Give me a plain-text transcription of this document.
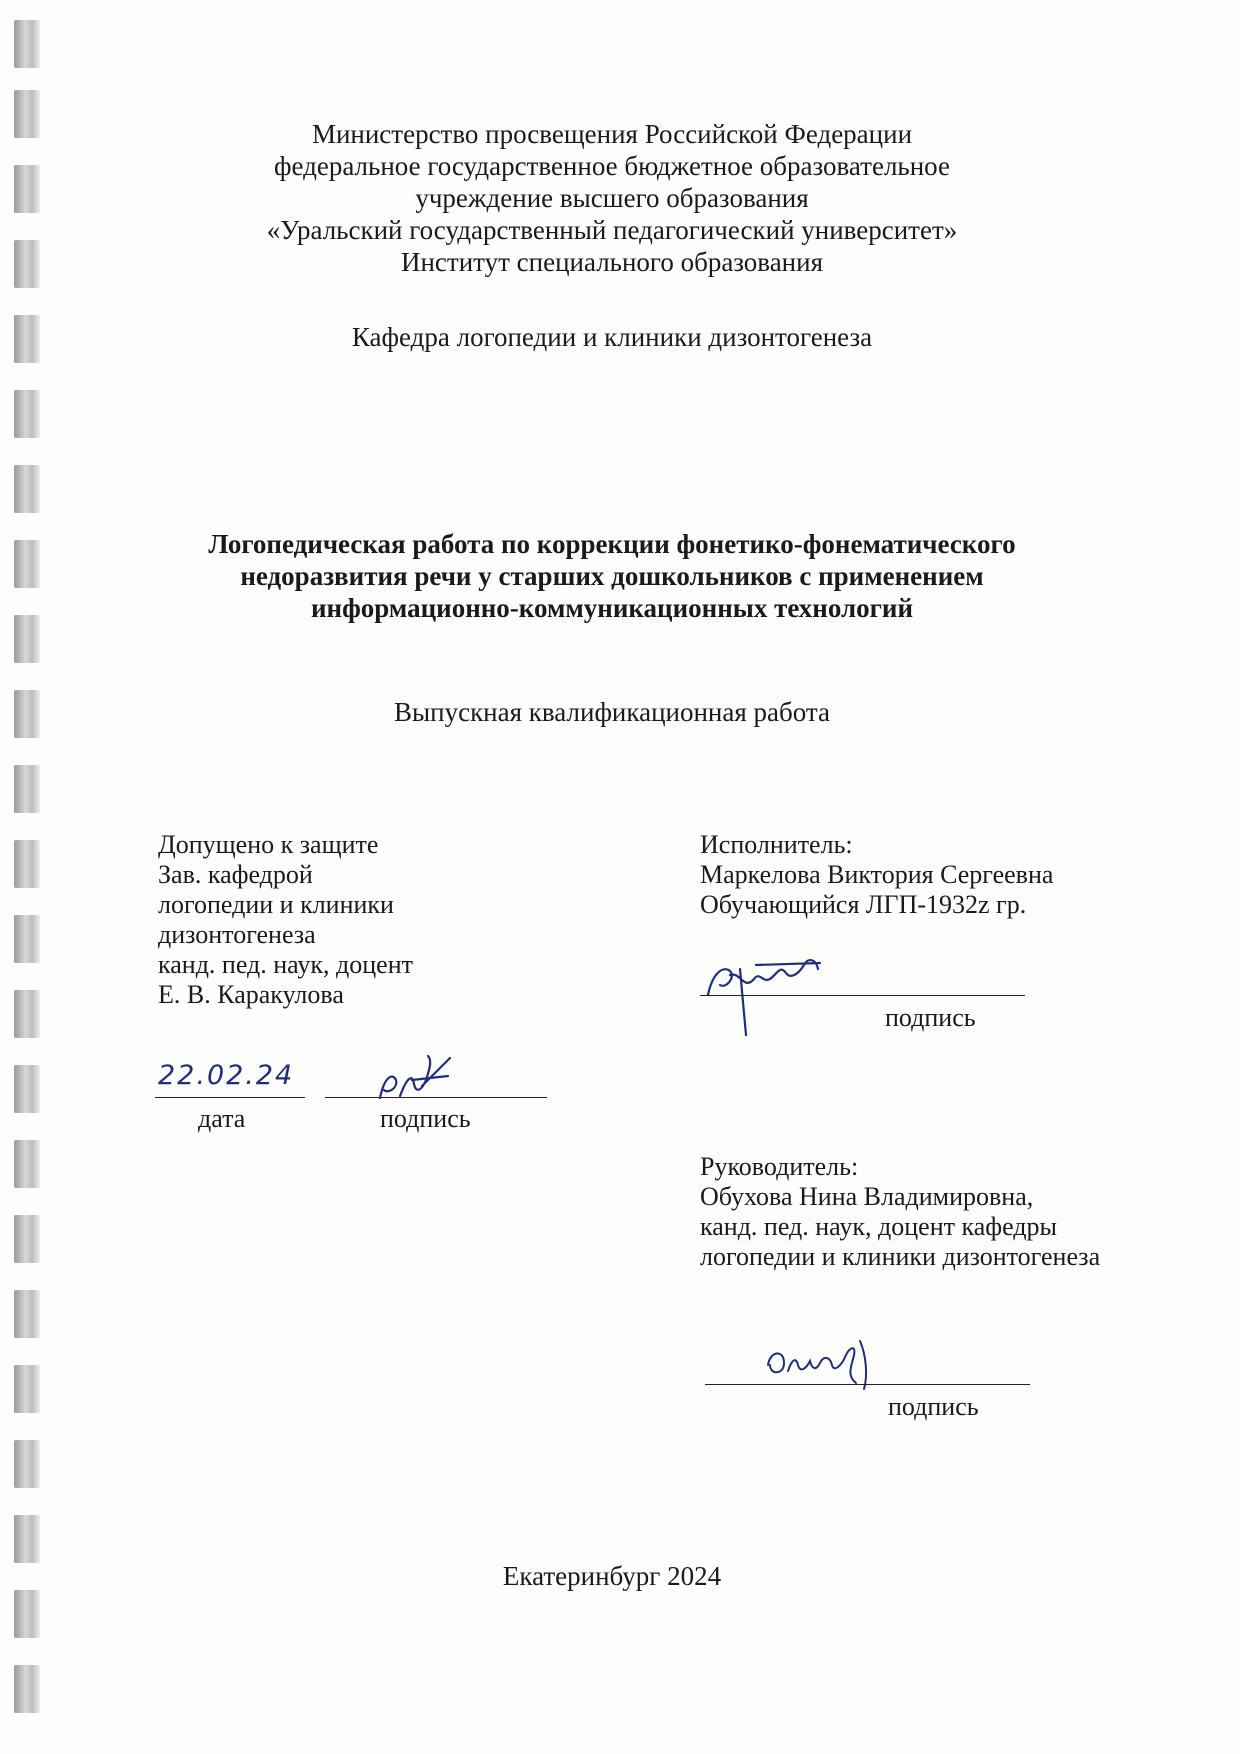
Министерство просвещения Российской Федерации
федеральное государственное бюджетное образовательное
учреждение высшего образования
«Уральский государственный педагогический университет»
Институт специального образования
Кафедра логопедии и клиники дизонтогенеза
Логопедическая работа по коррекции фонетико-фонематического
недоразвития речи у старших дошкольников с применением
информационно-коммуникационных технологий
Выпускная квалификационная работа
Допущено к защите
Зав. кафедрой
логопедии и клиники
дизонтогенеза
канд. пед. наук, доцент
Е. В. Каракулова
22.02.24
дата	подпись
Исполнитель:
Маркелова Виктория Сергеевна
Обучающийся ЛГП-1932z гр.
подпись
Руководитель:
Обухова Нина Владимировна,
канд. пед. наук, доцент кафедры
логопедии и клиники дизонтогенеза
подпись
Екатеринбург 2024
